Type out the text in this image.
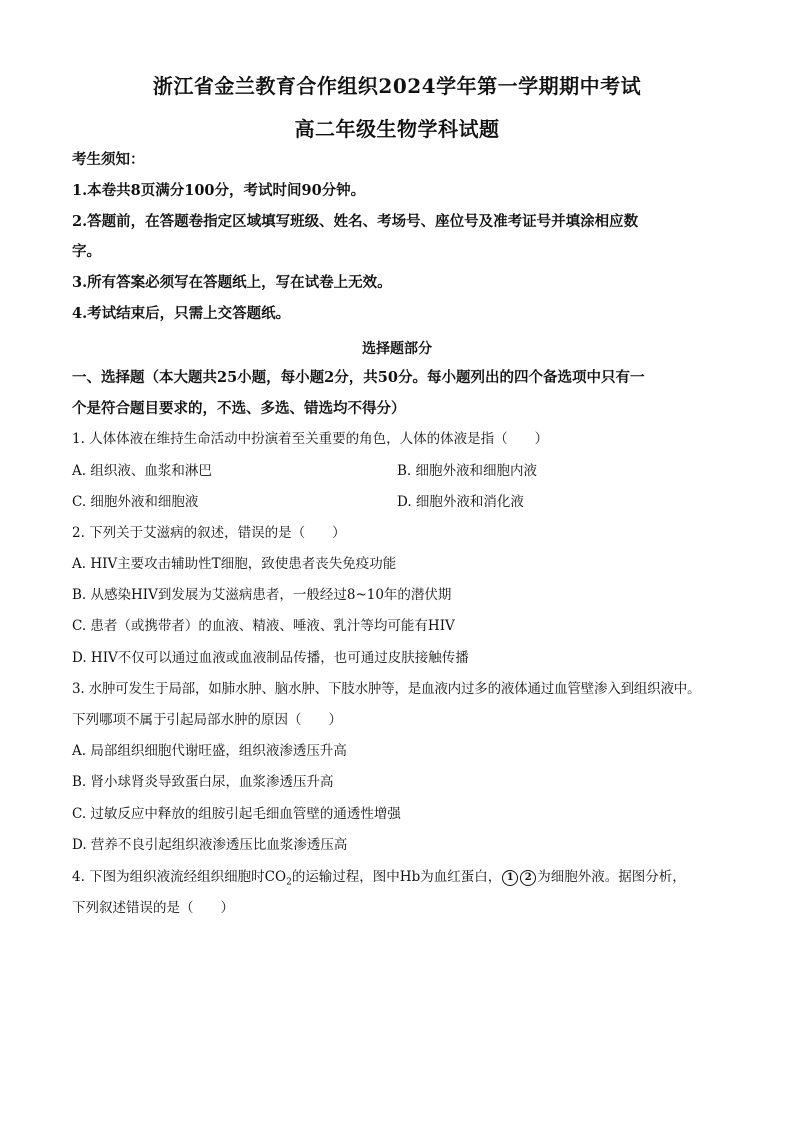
浙江省金兰教育合作组织2024学年第一学期期中考试
高二年级生物学科试题
考生须知：
1.本卷共8页满分100分，考试时间90分钟。
2.答题前，在答题卷指定区域填写班级、姓名、考场号、座位号及准考证号并填涂相应数
字。
3.所有答案必须写在答题纸上，写在试卷上无效。
4.考试结束后，只需上交答题纸。
选择题部分
一、选择题（本大题共25小题，每小题2分，共50分。每小题列出的四个备选项中只有一
个是符合题目要求的，不选、多选、错选均不得分）
1. 人体体液在维持生命活动中扮演着至关重要的角色，人体的体液是指（　　）
A. 组织液、血浆和淋巴	B. 细胞外液和细胞内液
C. 细胞外液和细胞液	D. 细胞外液和消化液
2. 下列关于艾滋病的叙述，错误的是（　　）
A. HIV主要攻击辅助性T细胞，致使患者丧失免疫功能
B. 从感染HIV到发展为艾滋病患者，一般经过8~10年的潜伏期
C. 患者（或携带者）的血液、精液、唾液、乳汁等均可能有HIV
D. HIV不仅可以通过血液或血液制品传播，也可通过皮肤接触传播
3. 水肿可发生于局部，如肺水肿、脑水肿、下肢水肿等，是血液内过多的液体通过血管壁渗入到组织液中。
下列哪项不属于引起局部水肿的原因（　　）
A. 局部组织细胞代谢旺盛，组织液渗透压升高
B. 肾小球肾炎导致蛋白尿，血浆渗透压升高
C. 过敏反应中释放的组胺引起毛细血管壁的通透性增强
D. 营养不良引起组织液渗透压比血浆渗透压高
4. 下图为组织液流经组织细胞时$CO_2$的运输过程，图中Hb为血红蛋白， 1 2 为细胞外液。据图分析，
下列叙述错误的是（　　）
